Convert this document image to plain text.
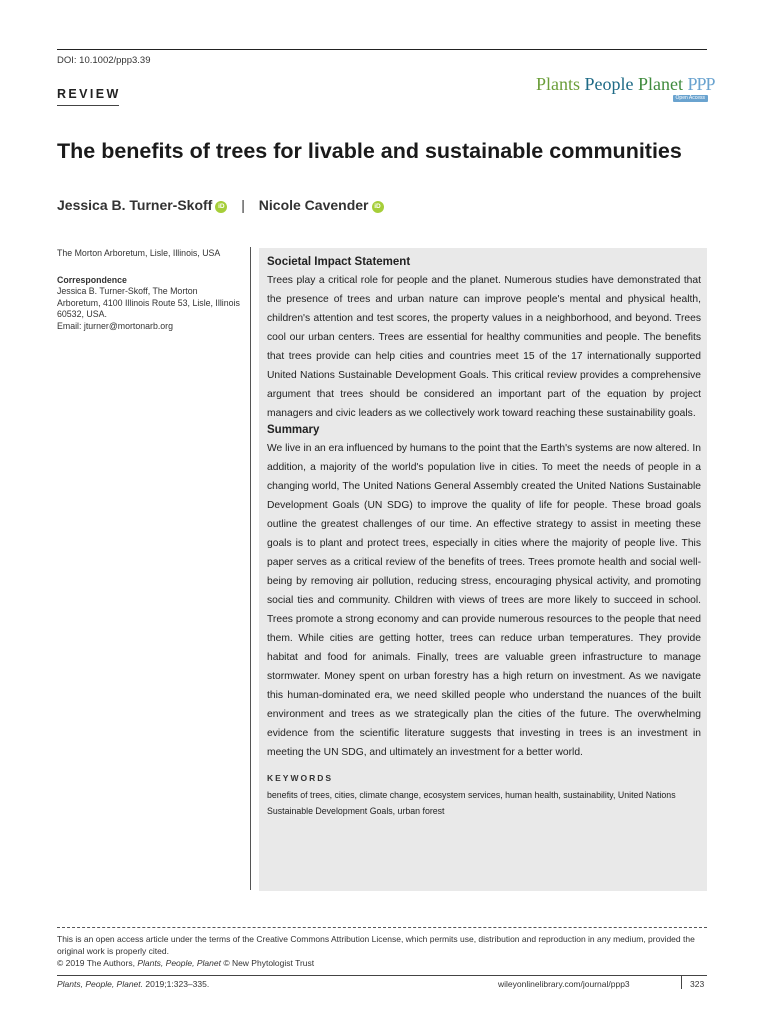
DOI: 10.1002/ppp3.39
REVIEW	Plants People Planet PPP
Open Access
The benefits of trees for livable and sustainable communities
Jessica B. Turner-Skoff iD | Nicole Cavender iD
The Morton Arboretum, Lisle, Illinois, USA
Correspondence
Jessica B. Turner-Skoff, The Morton Arboretum, 4100 Illinois Route 53, Lisle, Illinois 60532, USA.
Email: jturner@mortonarb.org
Societal Impact Statement

Trees play a critical role for people and the planet. Numerous studies have demonstrated that the presence of trees and urban nature can improve people's mental and physical health, children's attention and test scores, the property values in a neighborhood, and beyond. Trees cool our urban centers. Trees are essential for healthy communities and people. The benefits that trees provide can help cities and countries meet 15 of the 17 internationally supported United Nations Sustainable Development Goals. This critical review provides a comprehensive argument that trees should be considered an important part of the equation by project managers and civic leaders as we collectively work toward reaching these sustainability goals.

Summary

We live in an era influenced by humans to the point that the Earth's systems are now altered. In addition, a majority of the world's population live in cities. To meet the needs of people in a changing world, The United Nations General Assembly created the United Nations Sustainable Development Goals (UN SDG) to improve the quality of life for people. These broad goals outline the greatest challenges of our time. An effective strategy to assist in meeting these goals is to plant and protect trees, especially in cities where the majority of people live. This paper serves as a critical review of the benefits of trees. Trees promote health and social well-being by removing air pollution, reducing stress, encouraging physical activity, and promoting social ties and community. Children with views of trees are more likely to succeed in school. Trees promote a strong economy and can provide numerous resources to the people that need them. While cities are getting hotter, trees can reduce urban temperatures. They provide habitat and food for animals. Finally, trees are valuable green infrastructure to manage stormwater. Money spent on urban forestry has a high return on investment. As we navigate this human-dominated era, we need skilled people who understand the nuances of the built environment and trees as we strategically plan the cities of the future. The overwhelming evidence from the scientific literature suggests that investing in trees is an investment in meeting the UN SDG, and ultimately an investment for a better world.

KEYWORDS
benefits of trees, cities, climate change, ecosystem services, human health, sustainability, United Nations Sustainable Development Goals, urban forest
This is an open access article under the terms of the Creative Commons Attribution License, which permits use, distribution and reproduction in any medium, provided the original work is properly cited.
© 2019 The Authors, Plants, People, Planet © New Phytologist Trust
Plants, People, Planet. 2019;1:323–335.	wileyonlinelibrary.com/journal/ppp3	323
